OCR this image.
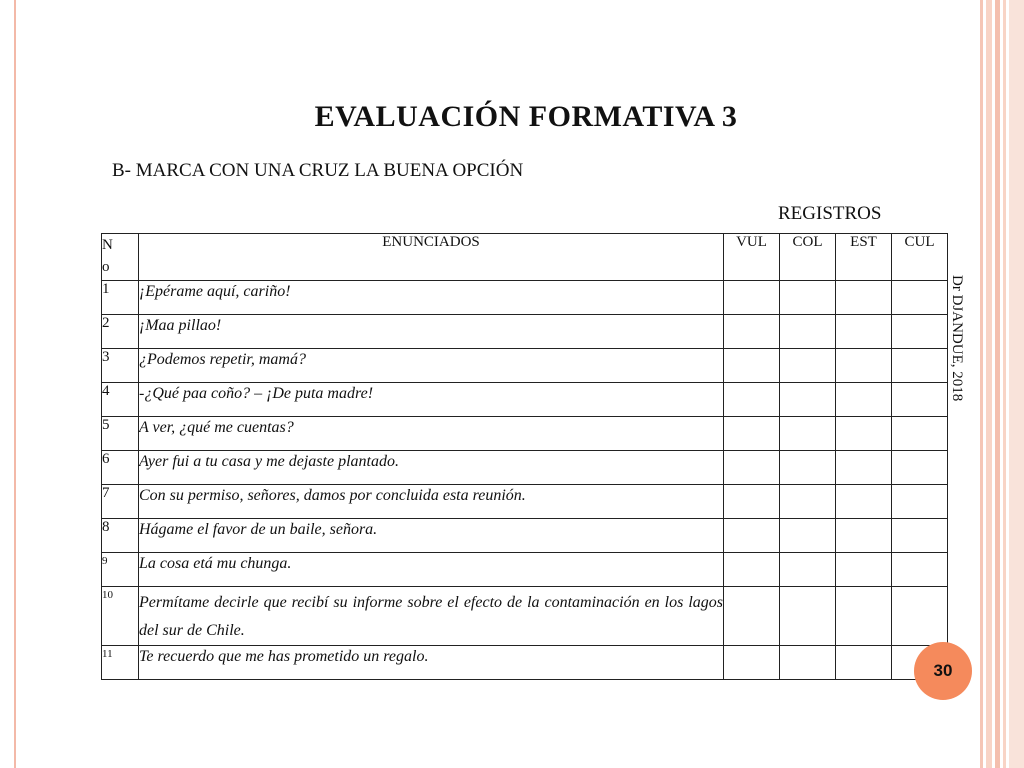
EVALUACIÓN FORMATIVA 3
B- MARCA CON UNA CRUZ LA BUENA OPCIÓN
REGISTROS
N
o	ENUNCIADOS	VUL	COL	EST	CUL
1	¡Epérame aquí, cariño!				
2	¡Maa pillao!				
3	¿Podemos repetir, mamá?				
4	-¿Qué paa coño? – ¡De puta madre!				
5	A ver, ¿qué me cuentas?				
6	Ayer fui a tu casa y me dejaste plantado.				
7	Con su permiso, señores, damos por concluida esta reunión.				
8	Hágame el favor de un baile, señora.				
9	La cosa etá mu chunga.				
10	Permítame decirle que recibí su informe sobre el efecto de la contaminación en los lagos del sur de Chile.				
11	Te recuerdo que me has prometido un regalo.				
Dr DJANDUE, 2018
30
